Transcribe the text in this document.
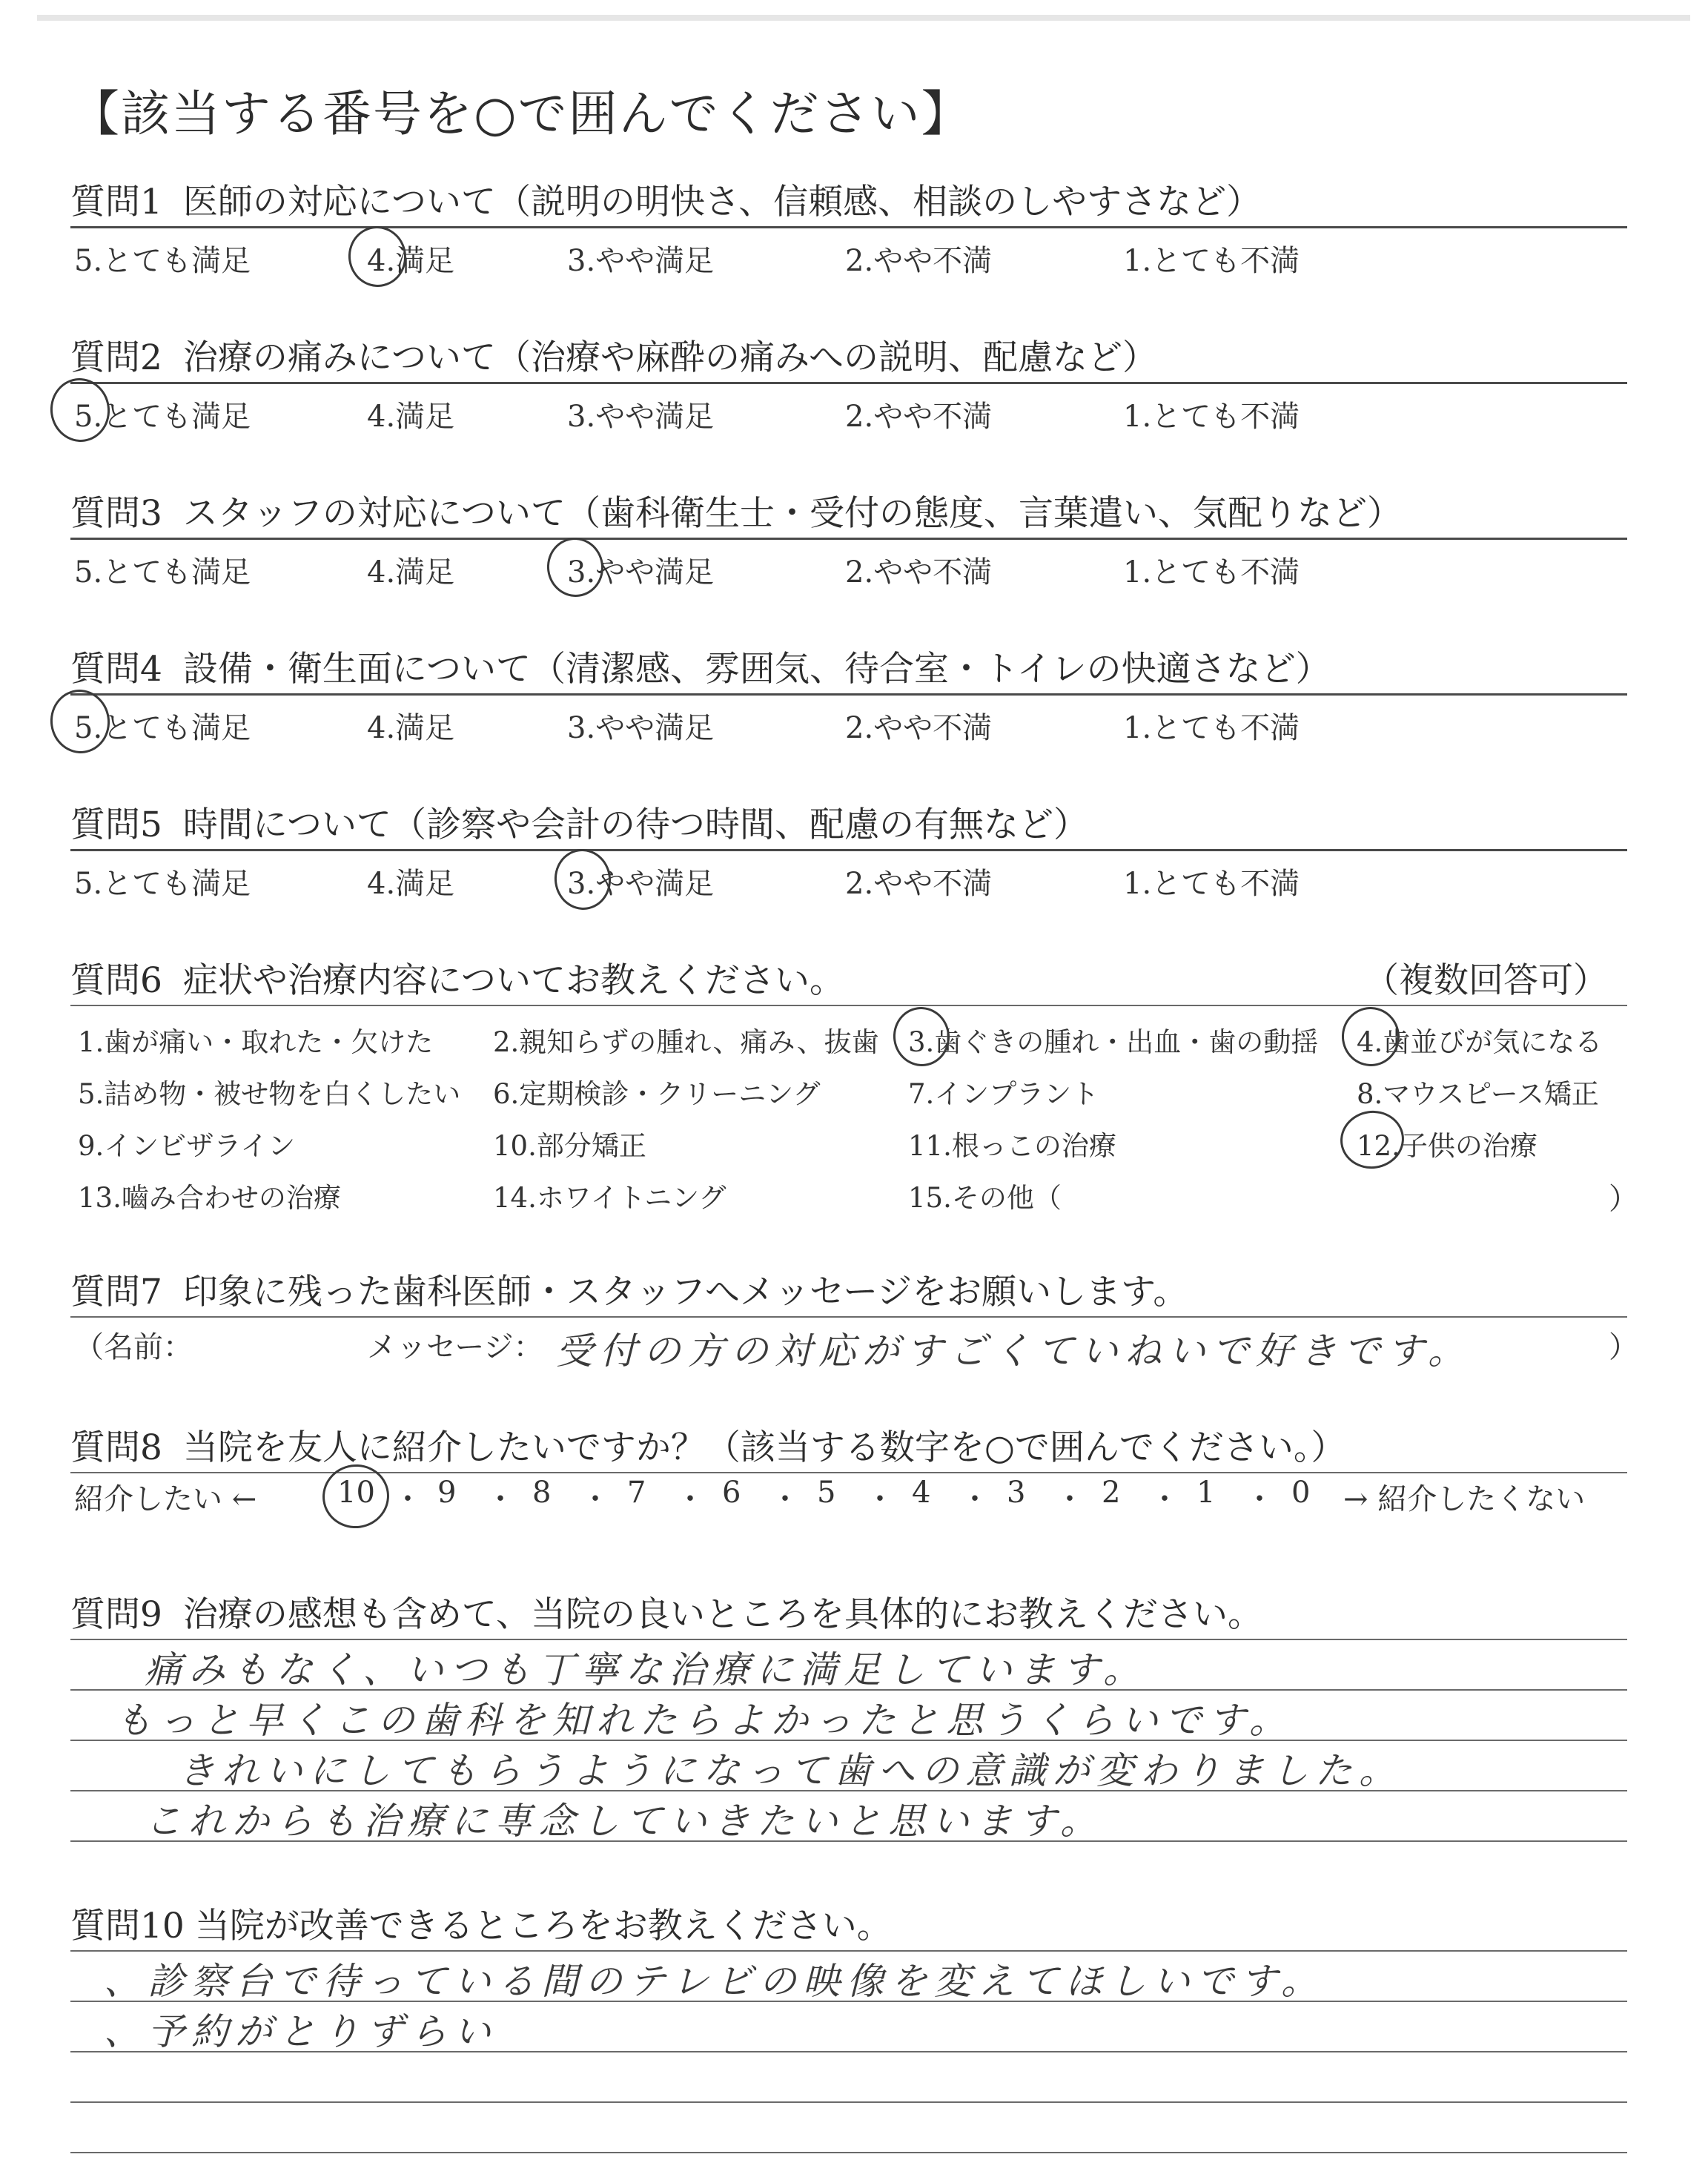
【該当する番号を○で囲んでください】
質問1 医師の対応について（説明の明快さ、信頼感、相談のしやすさなど）
5.とても満足	4.満足	3.やや満足	2.やや不満	1.とても不満
質問2 治療の痛みについて（治療や麻酔の痛みへの説明、配慮など）
5.とても満足	4.満足	3.やや満足	2.やや不満	1.とても不満
質問3 スタッフの対応について（歯科衛生士・受付の態度、言葉遣い、気配りなど）
5.とても満足	4.満足	3.やや満足	2.やや不満	1.とても不満
質問4 設備・衛生面について（清潔感、雰囲気、待合室・トイレの快適さなど）
5.とても満足	4.満足	3.やや満足	2.やや不満	1.とても不満
質問5 時間について（診察や会計の待つ時間、配慮の有無など）
5.とても満足	4.満足	3.やや満足	2.やや不満	1.とても不満
質問6 症状や治療内容についてお教えください。	（複数回答可）
1.歯が痛い・取れた・欠けた 2.親知らずの腫れ、痛み、抜歯 3.歯ぐきの腫れ・出血・歯の動揺 4.歯並びが気になる
5.詰め物・被せ物を白くしたい 6.定期検診・クリーニング	7.インプラント	8.マウスピース矯正
9.インビザライン	10.部分矯正	11.根っこの治療	12.子供の治療
13.嚙み合わせの治療	14.ホワイトニング	15.その他（	）
質問7 印象に残った歯科医師・スタッフへメッセージをお願いします。
（名前：	メッセージ： 受付の方の対応がすごくていねいで好きです。	）
質問8 当院を友人に紹介したいですか？（該当する数字を○で囲んでください。）
紹介したい ←	10 ・ 9 ・ 8 ・ 7 ・ 6 ・ 5 ・ 4 ・ 3 ・ 2 ・ 1 ・ 0 → 紹介したくない
質問9 治療の感想も含めて、当院の良いところを具体的にお教えください。
痛みもなく、いつも丁寧な治療に満足しています。
もっと早くこの歯科を知れたらよかったと思うくらいです。
きれいにしてもらうようになって歯への意識が変わりました。
これからも治療に専念していきたいと思います。
質問10 当院が改善できるところをお教えください。
、診察台で待っている間のテレビの映像を変えてほしいです。
、予約がとりずらい
